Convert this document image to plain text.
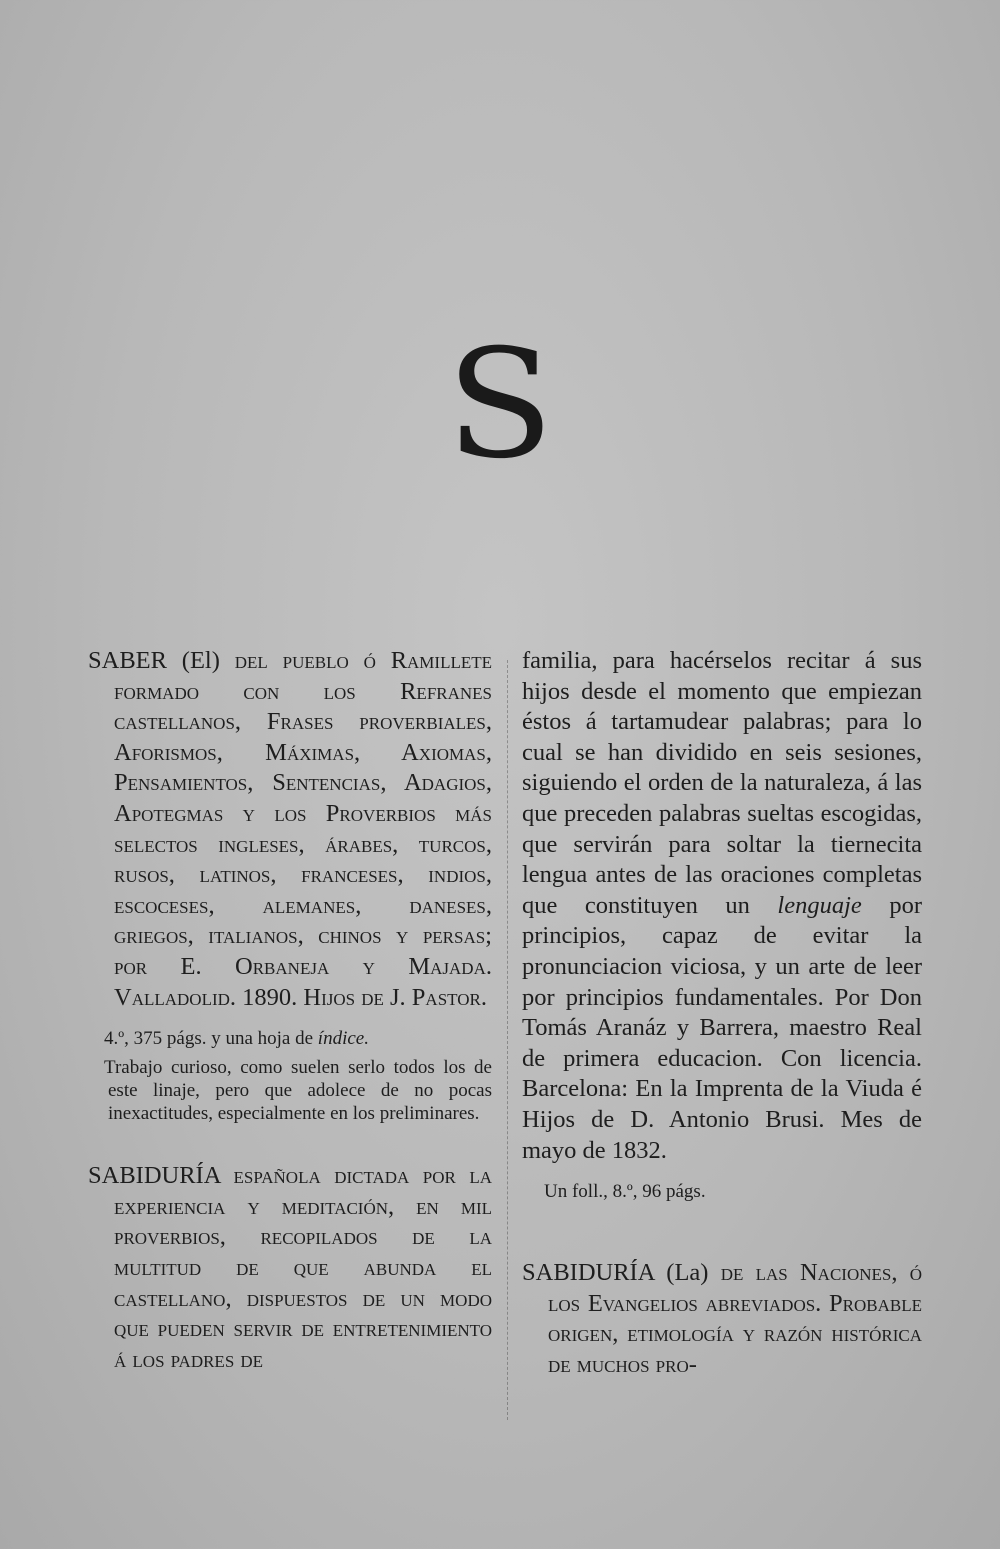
S

SABER (El) del pueblo ó Ramillete formado con los Refranes castellanos, Frases proverbiales, Aforismos, Máximas, Axiomas, Pensamientos, Sentencias, Adagios, Apotegmas y los Proverbios más selectos ingleses, árabes, turcos, rusos, latinos, franceses, indios, escoceses, alemanes, daneses, griegos, italianos, chinos y persas; por E. Orbaneja y Majada. Valladolid. 1890. Hijos de J. Pastor.

4.º, 375 págs. y una hoja de índice.

Trabajo curioso, como suelen serlo todos los de este linaje, pero que adolece de no pocas inexactitudes, especialmente en los preliminares.

SABIDURÍA española dictada por la experiencia y meditación, en mil proverbios, recopilados de la multitud de que abunda el castellano, dispuestos de un modo que pueden servir de entretenimiento á los padres de

familia, para hacérselos recitar á sus hijos desde el momento que empiezan éstos á tartamudear palabras; para lo cual se han dividido en seis sesiones, siguiendo el orden de la naturaleza, á las que preceden palabras sueltas escogidas, que servirán para soltar la tiernecita lengua antes de las oraciones completas que constituyen un lenguaje por principios, capaz de evitar la pronunciacion viciosa, y un arte de leer por principios fundamentales. Por Don Tomás Aranáz y Barrera, maestro Real de primera educacion. Con licencia. Barcelona: En la Imprenta de la Viuda é Hijos de D. Antonio Brusi. Mes de mayo de 1832.

Un foll., 8.º, 96 págs.

SABIDURÍA (La) de las Naciones, ó los Evangelios abreviados. Probable origen, etimología y razón histórica de muchos pro-
